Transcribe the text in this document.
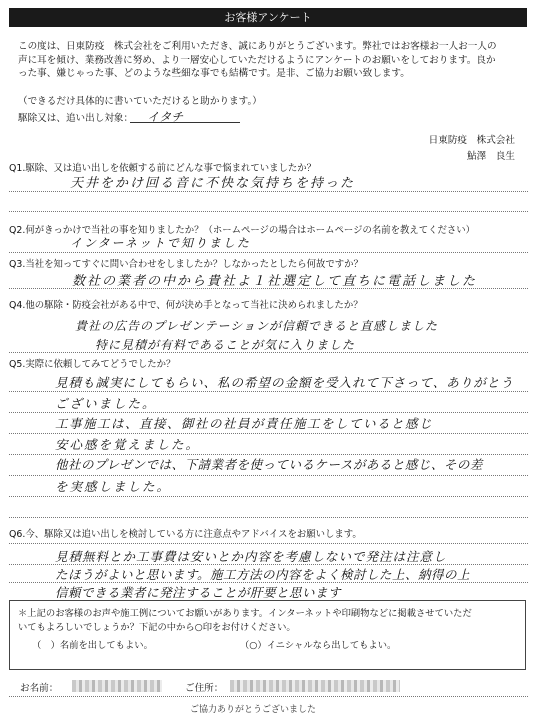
お客様アンケート

この度は、日東防疫　株式会社をご利用いただき、誠にありがとうございます。弊社ではお客様お一人お一人の

声に耳を傾け、業務改善に努め、より一層安心していただけるようにアンケートのお願いをしております。良か

った事、嫌じゃった事、どのような些細な事でも結構です。是非、ご協力お願い致します。

（できるだけ具体的に書いていただけると助かります。）
駆除又は、追い出し対象： イタチ
日東防疫　株式会社
鮎澤　良生
Q1.駆除、又は追い出しを依頼する前にどんな事で悩まれていましたか？
天井をかけ回る音に不快な気持ちを持った
Q2.何がきっかけで当社の事を知りましたか？（ホームページの場合はホームページの名前を教えてください）
インターネットで知りました
Q3.当社を知ってすぐに問い合わせをしましたか？しなかったとしたら何故ですか？
数社の業者の中から貴社よ１社選定して直ちに電話しました
Q4.他の駆除・防疫会社がある中で、何が決め手となって当社に決められましたか？
貴社の広告のプレゼンテーションが信頼できると直感しました
特に見積が有料であることが気に入りました
Q5.実際に依頼してみてどうでしたか？
見積も誠実にしてもらい、私の希望の金額を受入れて下さって、ありがとう
ございました。
工事施工は、直接、御社の社員が責任施工をしていると感じ
安心感を覚えました。
他社のプレゼンでは、下請業者を使っているケースがあると感じ、その差
を実感しました。
Q6.今、駆除又は追い出しを検討している方に注意点やアドバイスをお願いします。
見積無料とか工事費は安いとか内容を考慮しないで発注は注意し
たほうがよいと思います。施工方法の内容をよく検討した上、納得の上
信頼できる業者に発注することが肝要と思います
＊上記のお客様のお声や施工例についてお願いがあります。インターネットや印刷物などに掲載させていただ
いてもよろしいでしょうか？下記の中から○印をお付けください。
（　）名前を出してもよい。	（○）イニシャルなら出してもよい。
お名前：	ご住所：
ご協力ありがとうございました
